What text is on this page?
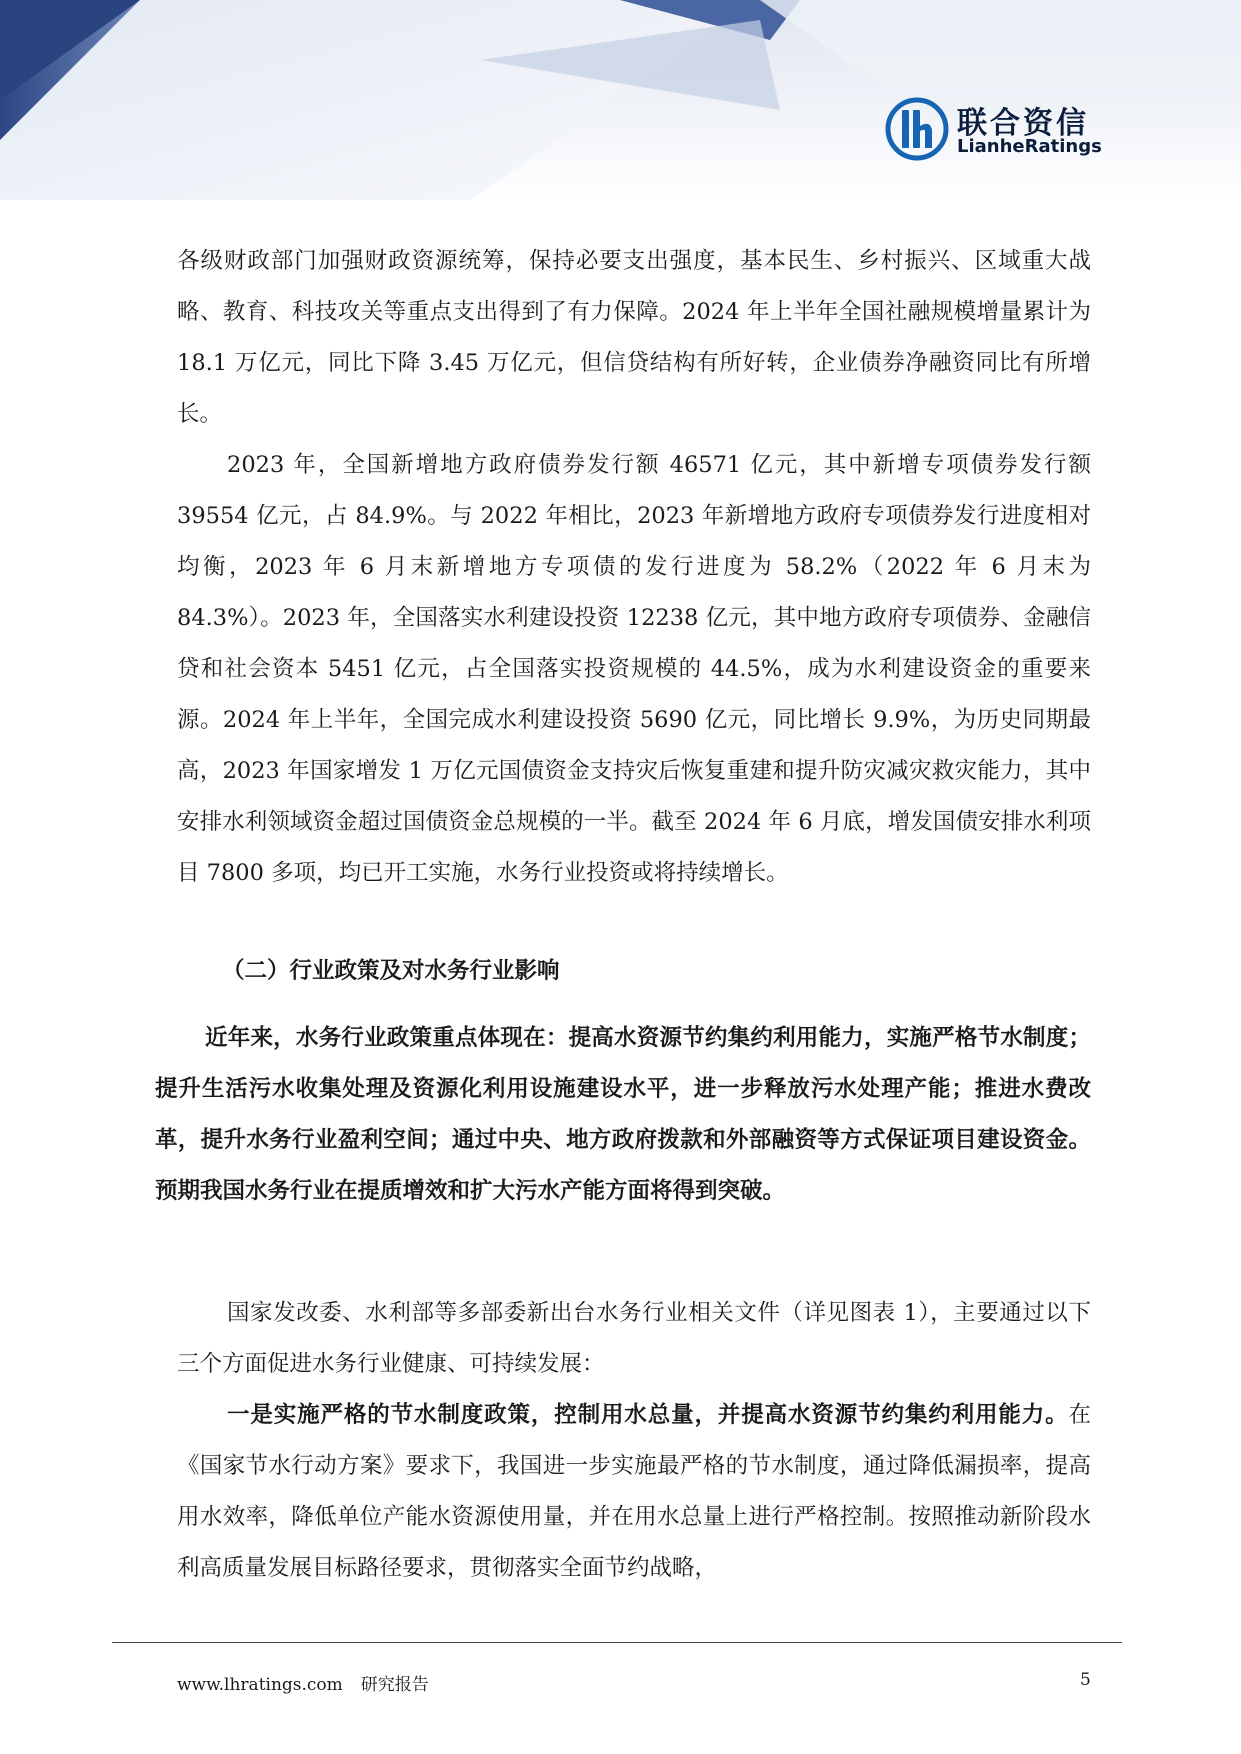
联合资信
LianheRatings

各级财政部门加强财政资源统筹，保持必要支出强度，基本民生、乡村振兴、区域重大战略、教育、科技攻关等重点支出得到了有力保障。2024 年上半年全国社融规模增量累计为 18.1 万亿元，同比下降 3.45 万亿元，但信贷结构有所好转，企业债券净融资同比有所增长。

2023 年，全国新增地方政府债券发行额 46571 亿元，其中新增专项债券发行额 39554 亿元，占 84.9%。与 2022 年相比，2023 年新增地方政府专项债券发行进度相对均衡，2023 年 6 月末新增地方专项债的发行进度为 58.2%（2022 年 6 月末为 84.3%）。2023 年，全国落实水利建设投资 12238 亿元，其中地方政府专项债券、金融信贷和社会资本 5451 亿元，占全国落实投资规模的 44.5%，成为水利建设资金的重要来源。2024 年上半年，全国完成水利建设投资 5690 亿元，同比增长 9.9%，为历史同期最高，2023 年国家增发 1 万亿元国债资金支持灾后恢复重建和提升防灾减灾救灾能力，其中安排水利领域资金超过国债资金总规模的一半。截至 2024 年 6 月底，增发国债安排水利项目 7800 多项，均已开工实施，水务行业投资或将持续增长。

（二）行业政策及对水务行业影响

近年来，水务行业政策重点体现在：提高水资源节约集约利用能力，实施严格节水制度；提升生活污水收集处理及资源化利用设施建设水平，进一步释放污水处理产能；推进水费改革，提升水务行业盈利空间；通过中央、地方政府拨款和外部融资等方式保证项目建设资金。预期我国水务行业在提质增效和扩大污水产能方面将得到突破。

国家发改委、水利部等多部委新出台水务行业相关文件（详见图表 1），主要通过以下三个方面促进水务行业健康、可持续发展：

一是实施严格的节水制度政策，控制用水总量，并提高水资源节约集约利用能力。在《国家节水行动方案》要求下，我国进一步实施最严格的节水制度，通过降低漏损率，提高用水效率，降低单位产能水资源使用量，并在用水总量上进行严格控制。按照推动新阶段水利高质量发展目标路径要求，贯彻落实全面节约战略，

www.lhratings.com 研究报告	5
